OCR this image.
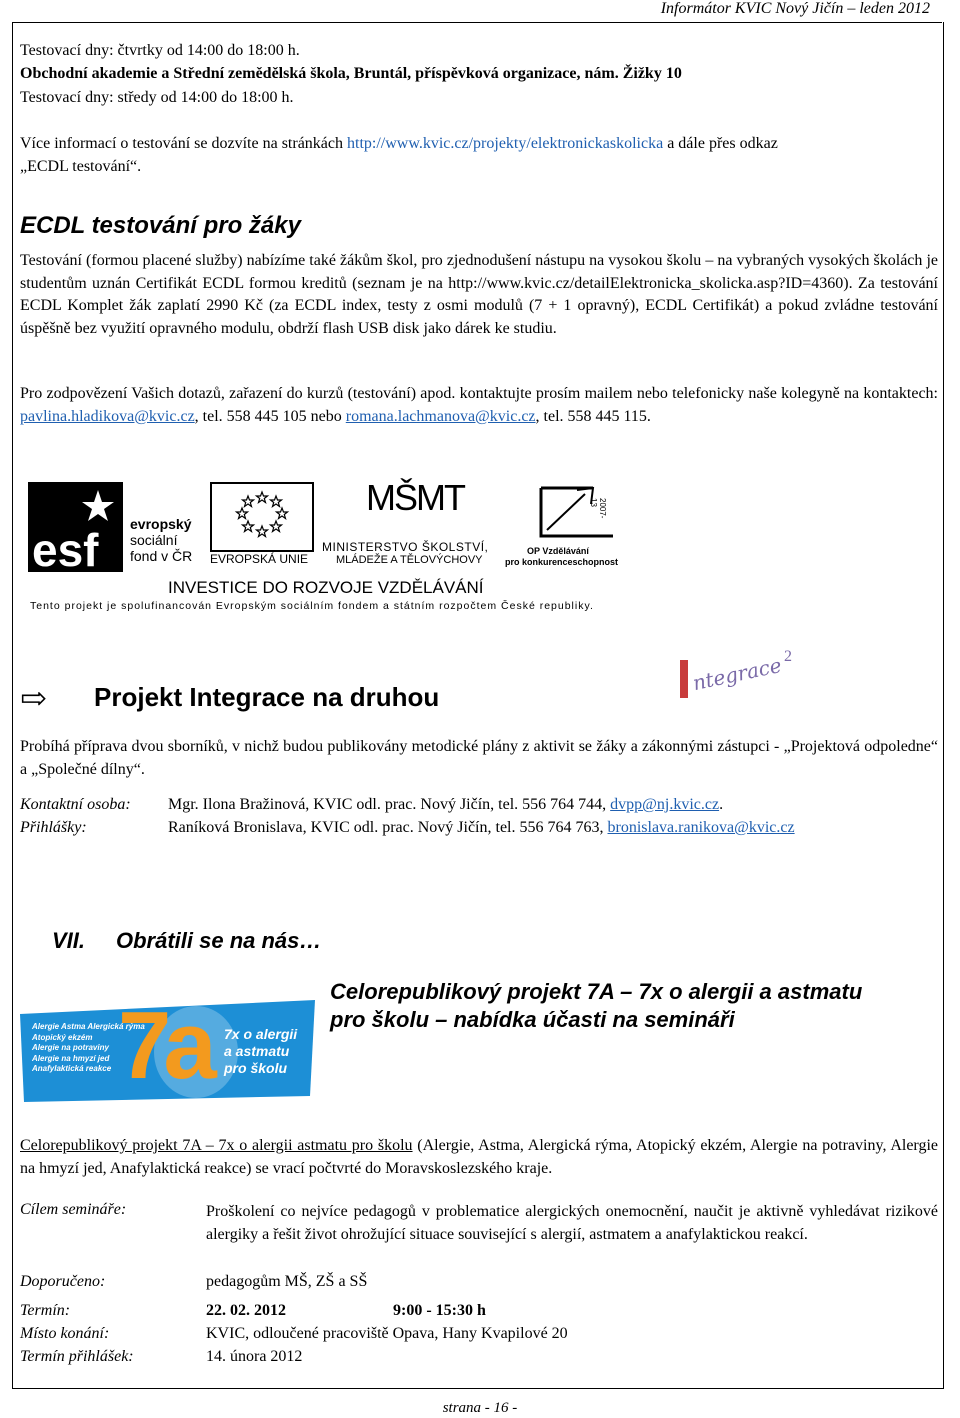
Informátor KVIC Nový Jičín – leden 2012
Testovací dny: čtvrtky od 14:00 do 18:00 h.
Obchodní akademie a Střední zemědělská škola, Bruntál, příspěvková organizace, nám. Žižky 10
Testovací dny: středy od 14:00 do 18:00 h.
Více informací o testování se dozvíte na stránkách http://www.kvic.cz/projekty/elektronickaskolicka a dále přes odkaz
„ECDL testování“.
ECDL testování pro žáky
Testování (formou placené služby) nabízíme také žákům škol, pro zjednodušení nástupu na vysokou školu – na vybraných vysokých školách je studentům uznán Certifikát ECDL formou kreditů (seznam je na http://www.kvic.cz/detailElektronicka_skolicka.asp?ID=4360). Za testování ECDL Komplet žák zaplatí 2990 Kč (za ECDL index, testy z osmi modulů (7 + 1 opravný), ECDL Certifikát) a pokud zvládne testování úspěšně bez využití opravného modulu, obdrží flash USB disk jako dárek ke studiu.
Pro zodpovězení Vašich dotazů, zařazení do kurzů (testování) apod. kontaktujte prosím mailem nebo telefonicky naše kolegyně na kontaktech: pavlina.hladikova@kvic.cz, tel. 558 445 105 nebo romana.lachmanova@kvic.cz, tel. 558 445 115.
esf evropský
sociální
fond v ČR EVROPSKÁ UNIE
MŠMT
MINISTERSTVO ŠKOLSTVÍ,
MLÁDEŽE A TĚLOVÝCHOVY
2007-13
OP Vzdělávání
pro konkurenceschopnost
INVESTICE DO ROZVOJE VZDĚLÁVÁNÍ
Tento projekt je spolufinancován Evropským sociálním fondem a státním rozpočtem České republiky.
⇨ Projekt Integrace na druhou
ntegrace 2
Probíhá příprava dvou sborníků, v nichž budou publikovány metodické plány z aktivit se žáky a zákonnými zástupci - „Projektová odpoledne“ a „Společné dílny“.
Kontaktní osoba: Mgr. Ilona Bražinová, KVIC odl. prac. Nový Jičín, tel. 556 764 744, dvpp@nj.kvic.cz.
Přihlášky:	Raníková Bronislava, KVIC odl. prac. Nový Jičín, tel. 556 764 763, bronislava.ranikova@kvic.cz
VII. Obrátili se na nás…
Alergie Astma Alergická rýma
Atopický ekzém
Alergie na potraviny
Alergie na hmyzí jed
Anafylaktická reakce 7a 7x o alergii
a astmatu
pro školu
Celorepublikový projekt 7A – 7x o alergii a astmatu
pro školu – nabídka účasti na semináři
Celorepublikový projekt 7A – 7x o alergii astmatu pro školu (Alergie, Astma, Alergická rýma, Atopický ekzém, Alergie na potraviny, Alergie na hmyzí jed, Anafylaktická reakce) se vrací počtvrté do Moravskoslezského kraje.
Cílem semináře:	Proškolení co nejvíce pedagogů v problematice alergických onemocnění, naučit je aktivně vyhledávat rizikové alergiky a řešit život ohrožující situace související s alergií, astmatem a anafylaktickou reakcí.
Doporučeno:	pedagogům MŠ, ZŠ a SŠ
Termín:	22. 02. 2012	9:00 - 15:30 h
Místo konání:	KVIC, odloučené pracoviště Opava, Hany Kvapilové 20
Termín přihlášek:	14. února 2012
strana - 16 -
